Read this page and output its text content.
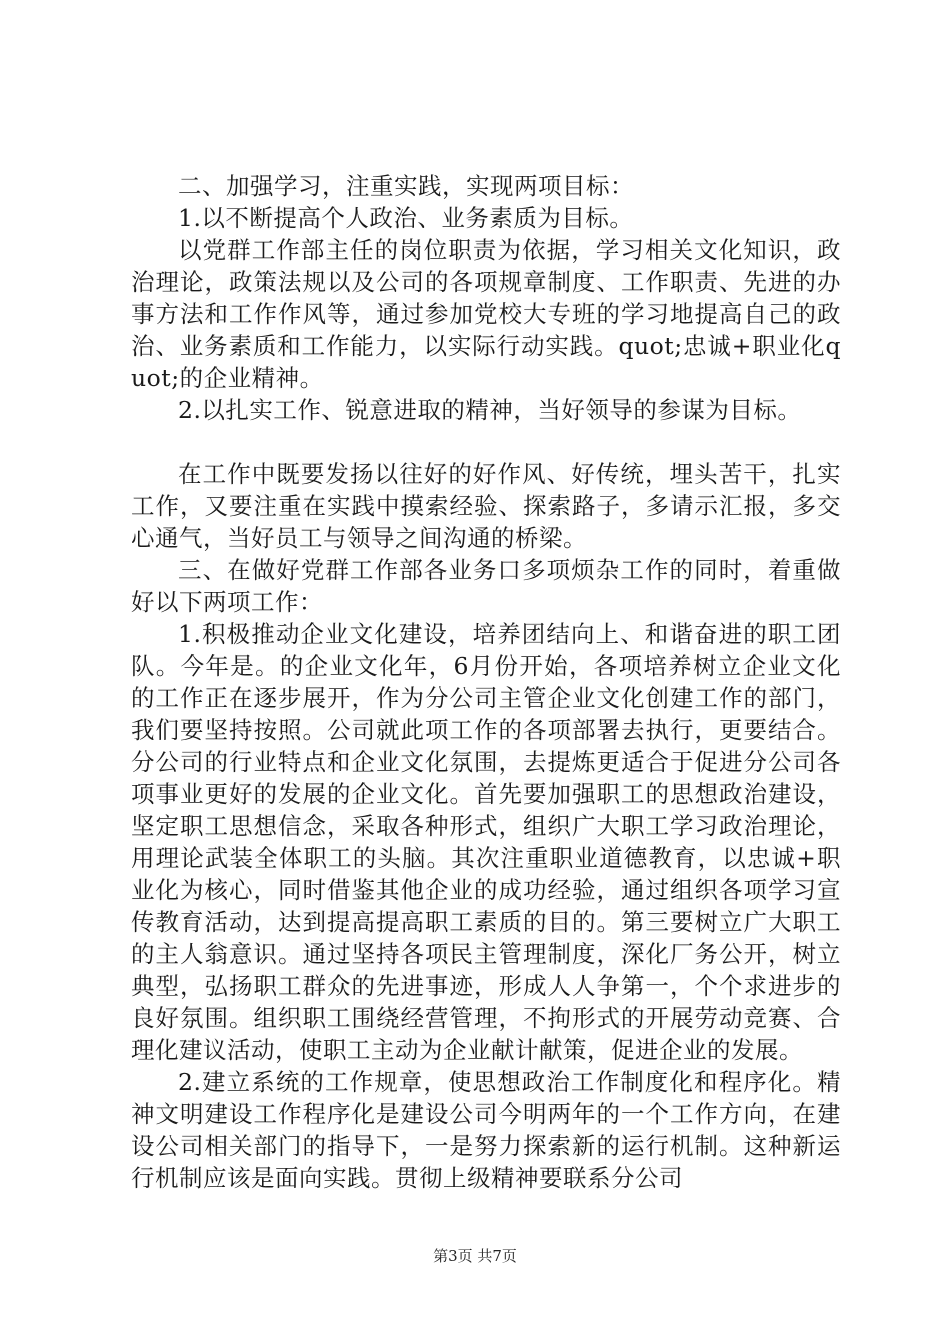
二、加强学习，注重实践，实现两项目标：

1.以不断提高个人政治、业务素质为目标。

以党群工作部主任的岗位职责为依据，学习相关文化知识，政治理论，政策法规以及公司的各项规章制度、工作职责、先进的办事方法和工作作风等，通过参加党校大专班的学习地提高自己的政治、业务素质和工作能力，以实际行动实践。quot;忠诚+职业化quot;的企业精神。

2.以扎实工作、锐意进取的精神，当好领导的参谋为目标。

在工作中既要发扬以往好的好作风、好传统，埋头苦干，扎实工作，又要注重在实践中摸索经验、探索路子，多请示汇报，多交心通气，当好员工与领导之间沟通的桥梁。

三、在做好党群工作部各业务口多项烦杂工作的同时，着重做好以下两项工作：

1.积极推动企业文化建设，培养团结向上、和谐奋进的职工团队。今年是。的企业文化年，6月份开始，各项培养树立企业文化的工作正在逐步展开，作为分公司主管企业文化创建工作的部门，我们要坚持按照。公司就此项工作的各项部署去执行，更要结合。分公司的行业特点和企业文化氛围，去提炼更适合于促进分公司各项事业更好的发展的企业文化。首先要加强职工的思想政治建设，坚定职工思想信念，采取各种形式，组织广大职工学习政治理论，用理论武装全体职工的头脑。其次注重职业道德教育，以忠诚+职业化为核心，同时借鉴其他企业的成功经验，通过组织各项学习宣传教育活动，达到提高提高职工素质的目的。第三要树立广大职工的主人翁意识。通过坚持各项民主管理制度，深化厂务公开，树立典型，弘扬职工群众的先进事迹，形成人人争第一，个个求进步的良好氛围。组织职工围绕经营管理，不拘形式的开展劳动竞赛、合理化建议活动，使职工主动为企业献计献策，促进企业的发展。

2.建立系统的工作规章，使思想政治工作制度化和程序化。精神文明建设工作程序化是建设公司今明两年的一个工作方向，在建设公司相关部门的指导下，一是努力探索新的运行机制。这种新运行机制应该是面向实践。贯彻上级精神要联系分公司

第3页 共7页
